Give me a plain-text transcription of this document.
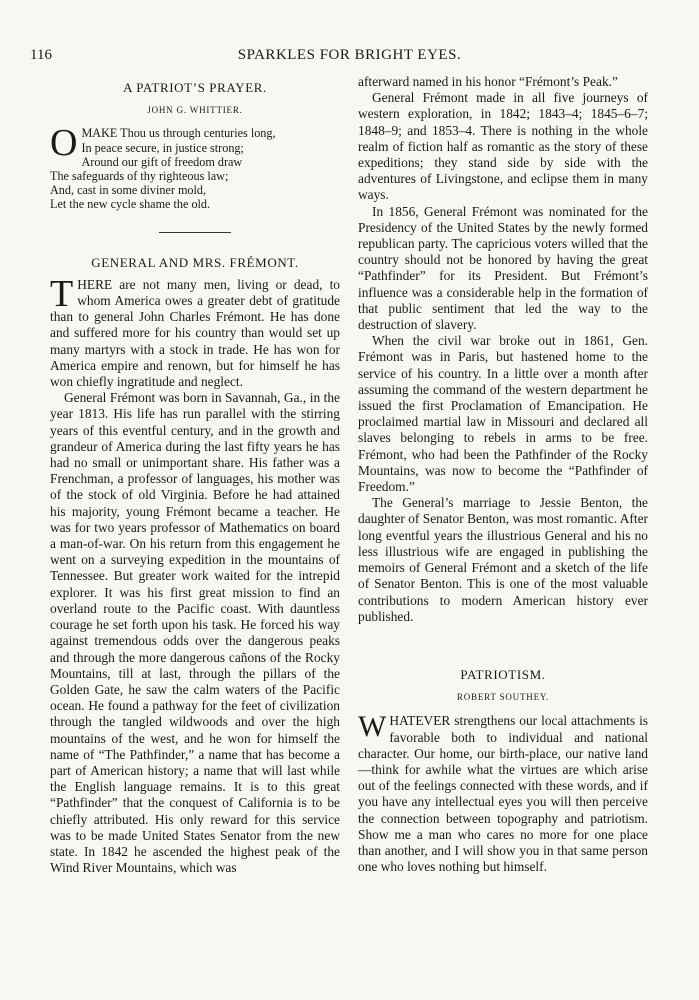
116	SPARKLES FOR BRIGHT EYES.
A PATRIOT’S PRAYER.
JOHN G. WHITTIER.
O MAKE Thou us through centuries long,
In peace secure, in justice strong;
Around our gift of freedom draw
The safeguards of thy righteous law;
And, cast in some diviner mold,
Let the new cycle shame the old.
GENERAL AND MRS. FRÉMONT.

THERE are not many men, living or dead, to whom America owes a greater debt of gratitude than to general John Charles Frémont. He has done and suffered more for his country than would set up many martyrs with a stock in trade. He has won for America empire and renown, but for himself he has won chiefly ingratitude and neglect.

General Frémont was born in Savannah, Ga., in the year 1813. His life has run parallel with the stirring years of this eventful century, and in the growth and grandeur of America during the last fifty years he has had no small or unimportant share. His father was a Frenchman, a professor of languages, his mother was of the stock of old Virginia. Before he had attained his majority, young Frémont became a teacher. He was for two years professor of Mathematics on board a man-of-war. On his return from this engagement he went on a surveying expedition in the mountains of Tennessee. But greater work waited for the intrepid explorer. It was his first great mission to find an overland route to the Pacific coast. With dauntless courage he set forth upon his task. He forced his way against tremendous odds over the dangerous peaks and through the more dangerous cañons of the Rocky Mountains, till at last, through the pillars of the Golden Gate, he saw the calm waters of the Pacific ocean. He found a pathway for the feet of civilization through the tangled wildwoods and over the high mountains of the west, and he won for himself the name of “The Pathfinder,” a name that has become a part of American history; a name that will last while the English language remains. It is to this great “Pathfinder” that the conquest of California is to be chiefly attributed. His only reward for this service was to be made United States Senator from the new state. In 1842 he ascended the highest peak of the Wind River Mountains, which was

afterward named in his honor “Frémont’s Peak.”

General Frémont made in all five journeys of western exploration, in 1842; 1843–4; 1845–6–7; 1848–9; and 1853–4. There is nothing in the whole realm of fiction half as romantic as the story of these expeditions; they stand side by side with the adventures of Livingstone, and eclipse them in many ways.

In 1856, General Frémont was nominated for the Presidency of the United States by the newly formed republican party. The capricious voters willed that the country should not be honored by having the great “Pathfinder” for its President. But Frémont’s influence was a considerable help in the formation of that public sentiment that led the way to the destruction of slavery.

When the civil war broke out in 1861, Gen. Frémont was in Paris, but hastened home to the service of his country. In a little over a month after assuming the command of the western department he issued the first Proclamation of Emancipation. He proclaimed martial law in Missouri and declared all slaves belonging to rebels in arms to be free. Frémont, who had been the Pathfinder of the Rocky Mountains, was now to become the “Pathfinder of Freedom.”

The General’s marriage to Jessie Benton, the daughter of Senator Benton, was most romantic. After long eventful years the illustrious General and his no less illustrious wife are engaged in publishing the memoirs of General Frémont and a sketch of the life of Senator Benton. This is one of the most valuable contributions to modern American history ever published.

PATRIOTISM.
ROBERT SOUTHEY.

WHATEVER strengthens our local attachments is favorable both to individual and national character. Our home, our birth-place, our native land—think for awhile what the virtues are which arise out of the feelings connected with these words, and if you have any intellectual eyes you will then perceive the connection between topography and patriotism. Show me a man who cares no more for one place than another, and I will show you in that same person one who loves nothing but himself.
